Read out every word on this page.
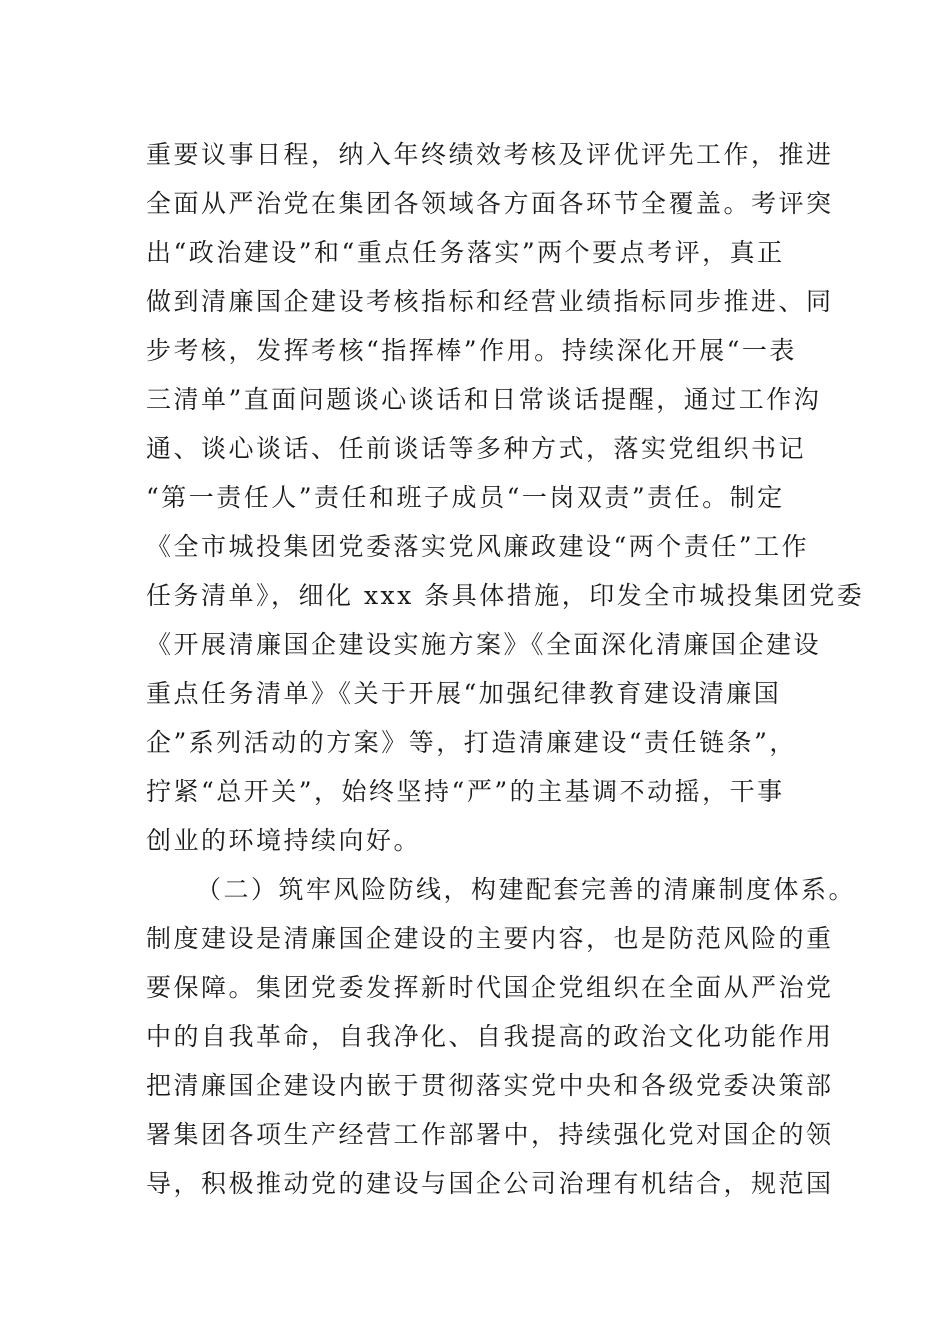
重要议事日程，纳入年终绩效考核及评优评先工作，推进
全面从严治党在集团各领域各方面各环节全覆盖。考评突
出“政治建设”和“重点任务落实”两个要点考评，真正
做到清廉国企建设考核指标和经营业绩指标同步推进、同
步考核，发挥考核“指挥棒”作用。持续深化开展“一表
三清单”直面问题谈心谈话和日常谈话提醒，通过工作沟
通、谈心谈话、任前谈话等多种方式，落实党组织书记
“第一责任人”责任和班子成员“一岗双责”责任。制定
《全市城投集团党委落实党风廉政建设“两个责任”工作
任务清单》，细化 xxx 条具体措施，印发全市城投集团党委
《开展清廉国企建设实施方案》《全面深化清廉国企建设
重点任务清单》《关于开展“加强纪律教育建设清廉国
企”系列活动的方案》等，打造清廉建设“责任链条”，
拧紧“总开关”，始终坚持“严”的主基调不动摇，干事
创业的环境持续向好。
（二）筑牢风险防线，构建配套完善的清廉制度体系。
制度建设是清廉国企建设的主要内容，也是防范风险的重
要保障。集团党委发挥新时代国企党组织在全面从严治党
中的自我革命，自我净化、自我提高的政治文化功能作用
把清廉国企建设内嵌于贯彻落实党中央和各级党委决策部
署集团各项生产经营工作部署中，持续强化党对国企的领
导，积极推动党的建设与国企公司治理有机结合，规范国
